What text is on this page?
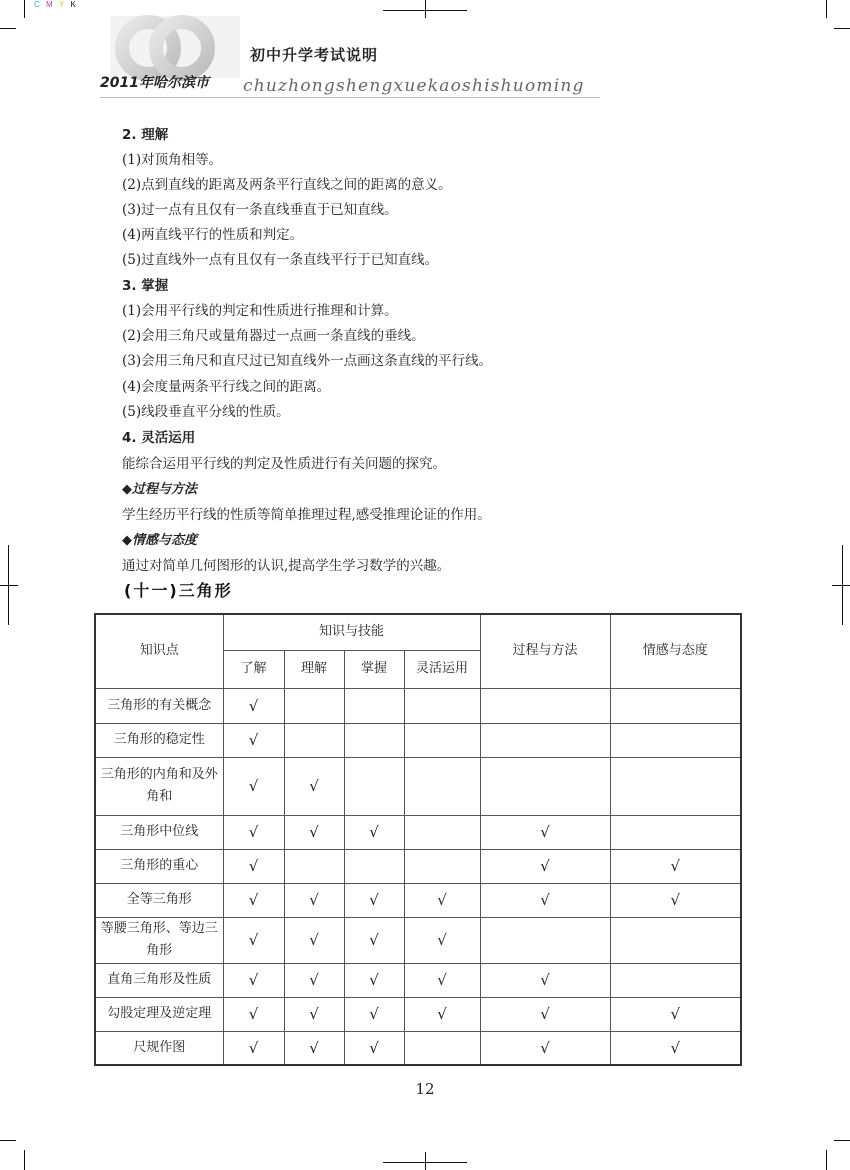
C M Y K
初中升学考试说明
2011年哈尔滨市 chuzhongshengxuekaoshishuoming
2. 理解
(1)对顶角相等。
(2)点到直线的距离及两条平行直线之间的距离的意义。
(3)过一点有且仅有一条直线垂直于已知直线。
(4)两直线平行的性质和判定。
(5)过直线外一点有且仅有一条直线平行于已知直线。
3. 掌握
(1)会用平行线的判定和性质进行推理和计算。
(2)会用三角尺或量角器过一点画一条直线的垂线。
(3)会用三角尺和直尺过已知直线外一点画这条直线的平行线。
(4)会度量两条平行线之间的距离。
(5)线段垂直平分线的性质。
4. 灵活运用
能综合运用平行线的判定及性质进行有关问题的探究。
◆过程与方法
学生经历平行线的性质等简单推理过程,感受推理论证的作用。
◆情感与态度
通过对简单几何图形的认识,提高学生学习数学的兴趣。
(十一)三角形
知识点	知识与技能				过程与方法	情感与态度
	了解	理解	掌握	灵活运用		
三角形的有关概念	√					
三角形的稳定性	√					
三角形的内角和及外角和	√	√				
三角形中位线	√	√	√		√	
三角形的重心	√				√	√
全等三角形	√	√	√	√	√	√
等腰三角形、等边三角形	√	√	√	√		
直角三角形及性质	√	√	√	√	√	
勾股定理及逆定理	√	√	√	√	√	√
尺规作图	√	√	√		√	√
12
